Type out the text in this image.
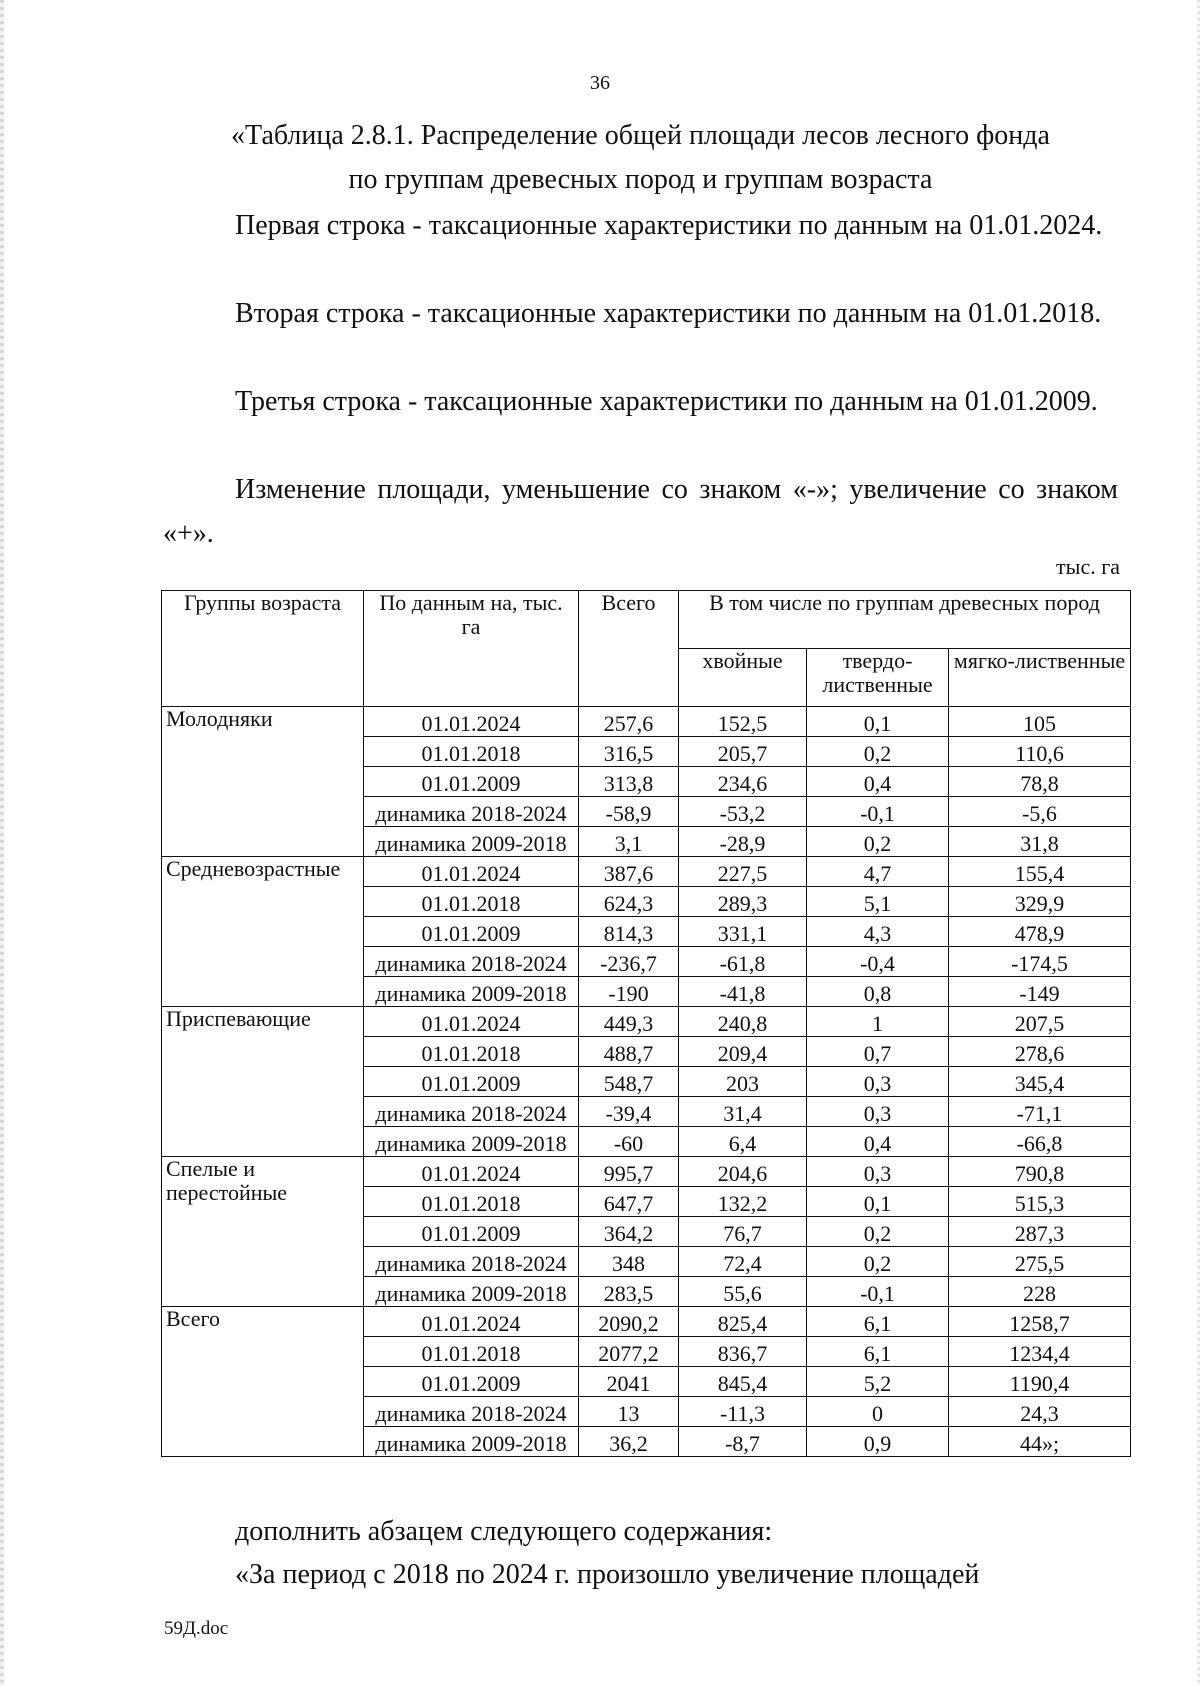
36
«Таблица 2.8.1. Распределение общей площади лесов лесного фонда
по группам древесных пород и группам возраста

Первая строка - таксационные характеристики по данным на 01.01.2024.

Вторая строка - таксационные характеристики по данным на 01.01.2018.

Третья строка - таксационные характеристики по данным на 01.01.2009.

Изменение площади, уменьшение со знаком «-»; увеличение со знаком «+».

тыс. га
Группы возраста	По данным на, тыс. га	Всего	В том числе по группам древесных пород		
			хвойные	твердо-лиственные	мягко-лиственные
Молодняки	01.01.2024	257,6	152,5	0,1	105
	01.01.2018	316,5	205,7	0,2	110,6
	01.01.2009	313,8	234,6	0,4	78,8
	динамика 2018-2024	-58,9	-53,2	-0,1	-5,6
	динамика 2009-2018	3,1	-28,9	0,2	31,8
Средневозрастные	01.01.2024	387,6	227,5	4,7	155,4
	01.01.2018	624,3	289,3	5,1	329,9
	01.01.2009	814,3	331,1	4,3	478,9
	динамика 2018-2024	-236,7	-61,8	-0,4	-174,5
	динамика 2009-2018	-190	-41,8	0,8	-149
Приспевающие	01.01.2024	449,3	240,8	1	207,5
	01.01.2018	488,7	209,4	0,7	278,6
	01.01.2009	548,7	203	0,3	345,4
	динамика 2018-2024	-39,4	31,4	0,3	-71,1
	динамика 2009-2018	-60	6,4	0,4	-66,8
Спелые и перестойные	01.01.2024	995,7	204,6	0,3	790,8
	01.01.2018	647,7	132,2	0,1	515,3
	01.01.2009	364,2	76,7	0,2	287,3
	динамика 2018-2024	348	72,4	0,2	275,5
	динамика 2009-2018	283,5	55,6	-0,1	228
Всего	01.01.2024	2090,2	825,4	6,1	1258,7
	01.01.2018	2077,2	836,7	6,1	1234,4
	01.01.2009	2041	845,4	5,2	1190,4
	динамика 2018-2024	13	-11,3	0	24,3
	динамика 2009-2018	36,2	-8,7	0,9	44»;

дополнить абзацем следующего содержания:

«За период с 2018 по 2024 г. произошло увеличение площадей

59Д.doc
